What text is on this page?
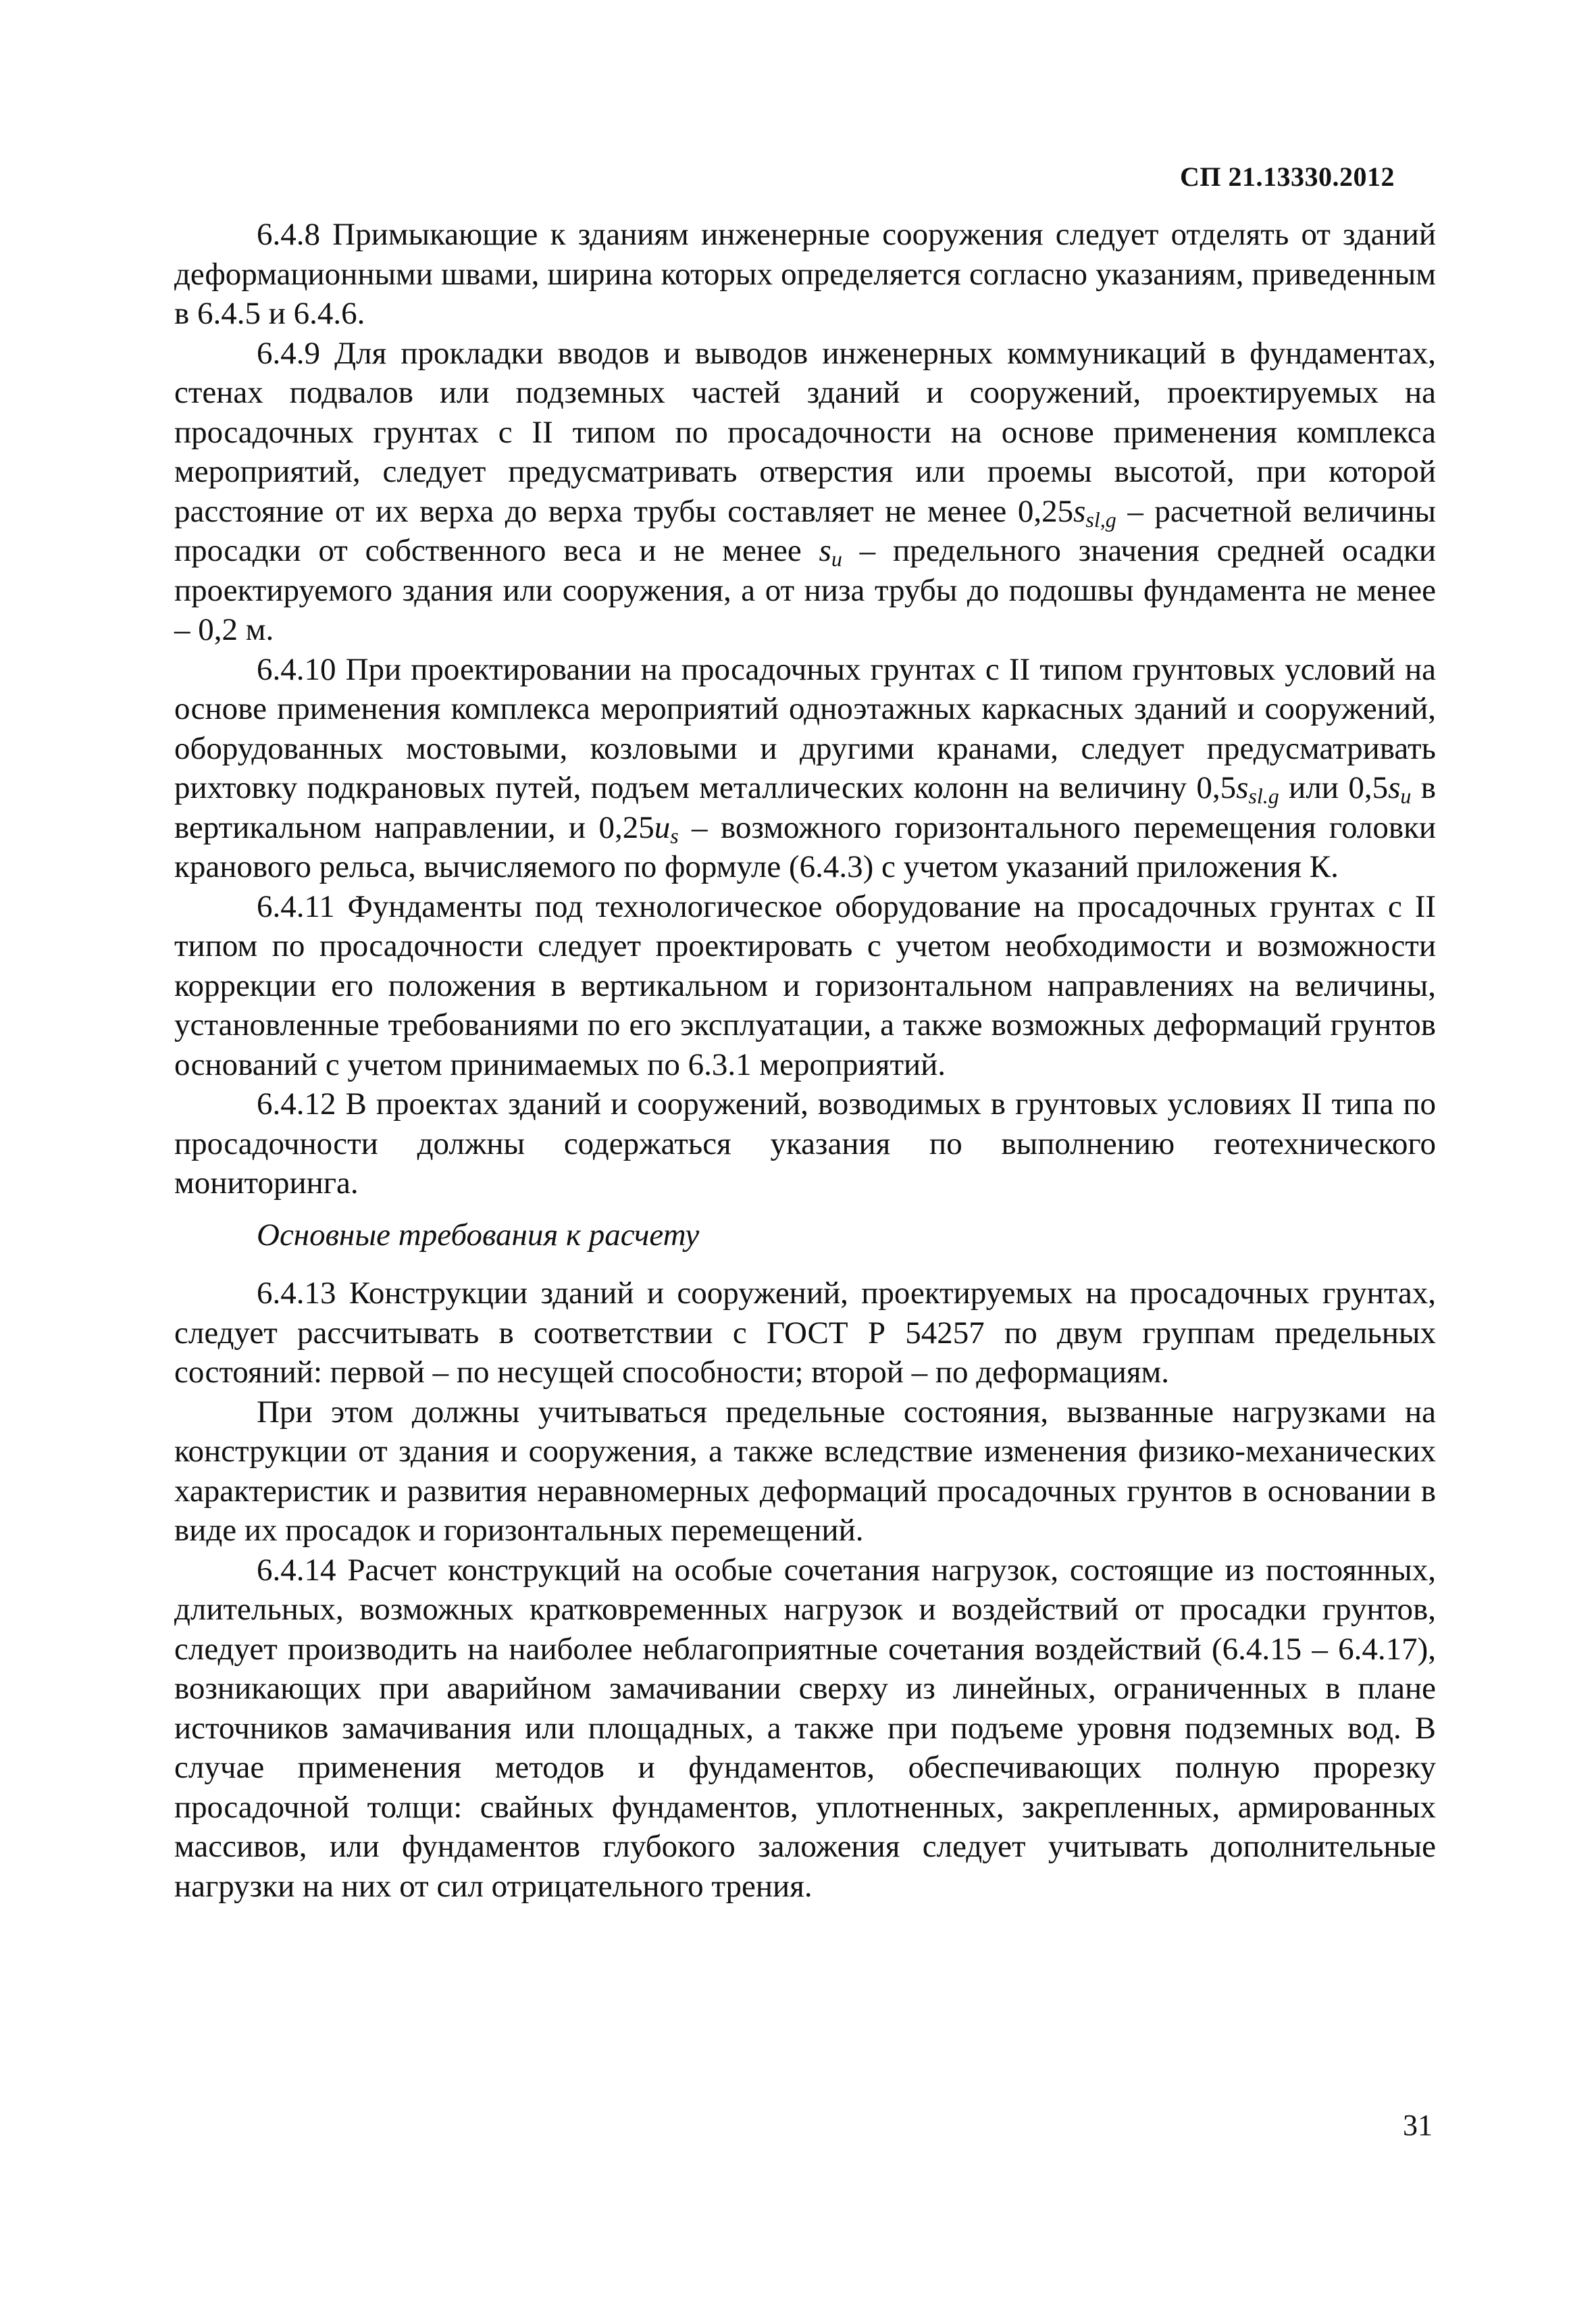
СП 21.13330.2012

6.4.8 Примыкающие к зданиям инженерные сооружения следует отделять от зданий деформационными швами, ширина которых определяется согласно указаниям, приведенным в 6.4.5 и 6.4.6.

6.4.9 Для прокладки вводов и выводов инженерных коммуникаций в фундаментах, стенах подвалов или подземных частей зданий и сооружений, проектируемых на просадочных грунтах с II типом по просадочности на основе применения комплекса мероприятий, следует предусматривать отверстия или проемы высотой, при которой расстояние от их верха до верха трубы составляет не менее $0,25s_{sl,g}$ – расчетной величины просадки от собственного веса и не менее $s_u$ – предельного значения средней осадки проектируемого здания или сооружения, а от низа трубы до подошвы фундамента не менее – 0,2 м.

6.4.10 При проектировании на просадочных грунтах с II типом грунтовых условий на основе применения комплекса мероприятий одноэтажных каркасных зданий и сооружений, оборудованных мостовыми, козловыми и другими кранами, следует предусматривать рихтовку подкрановых путей, подъем металлических колонн на величину $0,5s_{sl.g}$ или $0,5s_u$ в вертикальном направлении, и $0,25u_s$ – возможного горизонтального перемещения головки кранового рельса, вычисляемого по формуле (6.4.3) с учетом указаний приложения К.

6.4.11 Фундаменты под технологическое оборудование на просадочных грунтах с II типом по просадочности следует проектировать с учетом необходимости и возможности коррекции его положения в вертикальном и горизонтальном направлениях на величины, установленные требованиями по его эксплуатации, а также возможных деформаций грунтов оснований с учетом принимаемых по 6.3.1 мероприятий.

6.4.12 В проектах зданий и сооружений, возводимых в грунтовых условиях II типа по просадочности должны содержаться указания по выполнению геотехнического мониторинга.

Основные требования к расчету

6.4.13 Конструкции зданий и сооружений, проектируемых на просадочных грунтах, следует рассчитывать в соответствии с ГОСТ Р 54257 по двум группам предельных состояний: первой – по несущей способности; второй – по деформациям.

При этом должны учитываться предельные состояния, вызванные нагрузками на конструкции от здания и сооружения, а также вследствие изменения физико-механических характеристик и развития неравномерных деформаций просадочных грунтов в основании в виде их просадок и горизонтальных перемещений.

6.4.14 Расчет конструкций на особые сочетания нагрузок, состоящие из постоянных, длительных, возможных кратковременных нагрузок и воздействий от просадки грунтов, следует производить на наиболее неблагоприятные сочетания воздействий (6.4.15 – 6.4.17), возникающих при аварийном замачивании сверху из линейных, ограниченных в плане источников замачивания или площадных, а также при подъеме уровня подземных вод. В случае применения методов и фундаментов, обеспечивающих полную прорезку просадочной толщи: свайных фундаментов, уплотненных, закрепленных, армированных массивов, или фундаментов глубокого заложения следует учитывать дополнительные нагрузки на них от сил отрицательного трения.

31
